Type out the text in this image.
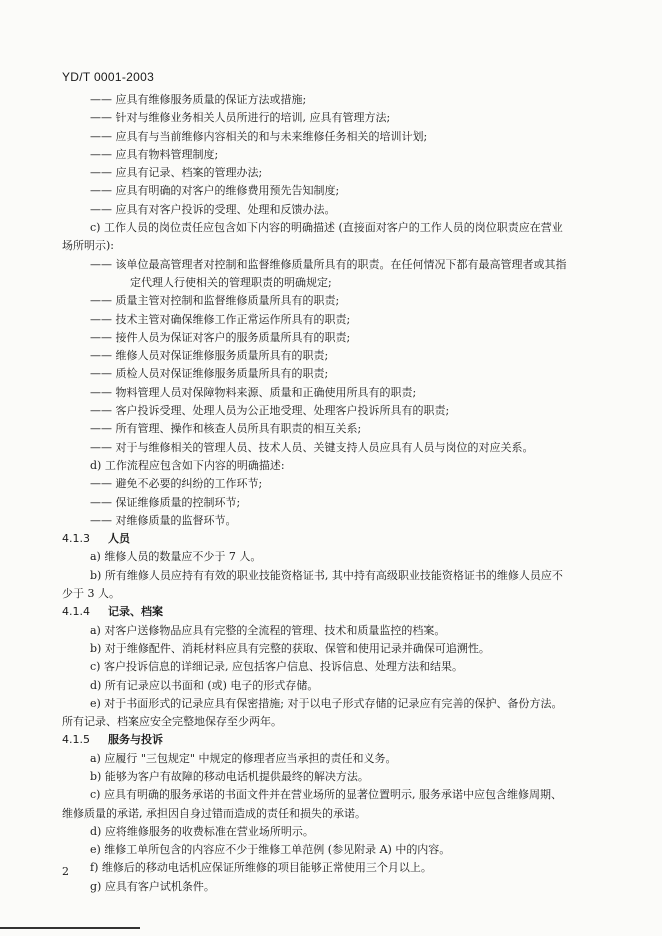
YD/T 0001-2003

—— 应具有维修服务质量的保证方法或措施;

—— 针对与维修业务相关人员所进行的培训, 应具有管理方法;

—— 应具有与当前维修内容相关的和与未来维修任务相关的培训计划;

—— 应具有物料管理制度;

—— 应具有记录、档案的管理办法;

—— 应具有明确的对客户的维修费用预先告知制度;

—— 应具有对客户投诉的受理、处理和反馈办法。

c) 工作人员的岗位责任应包含如下内容的明确描述 (直接面对客户的工作人员的岗位职责应在营业

场所明示):

—— 该单位最高管理者对控制和监督维修质量所具有的职责。在任何情况下都有最高管理者或其指

定代理人行使相关的管理职责的明确规定;

—— 质量主管对控制和监督维修质量所具有的职责;

—— 技术主管对确保维修工作正常运作所具有的职责;

—— 接件人员为保证对客户的服务质量所具有的职责;

—— 维修人员对保证维修服务质量所具有的职责;

—— 质检人员对保证维修服务质量所具有的职责;

—— 物料管理人员对保障物料来源、质量和正确使用所具有的职责;

—— 客户投诉受理、处理人员为公正地受理、处理客户投诉所具有的职责;

—— 所有管理、操作和核查人员所具有职责的相互关系;

—— 对于与维修相关的管理人员、技术人员、关键支持人员应具有人员与岗位的对应关系。

d) 工作流程应包含如下内容的明确描述:

—— 避免不必要的纠纷的工作环节;

—— 保证维修质量的控制环节;

—— 对维修质量的监督环节。

4.1.3 人员

a) 维修人员的数量应不少于 7 人。

b) 所有维修人员应持有有效的职业技能资格证书, 其中持有高级职业技能资格证书的维修人员应不

少于 3 人。

4.1.4 记录、档案

a) 对客户送修物品应具有完整的全流程的管理、技术和质量监控的档案。

b) 对于维修配件、消耗材料应具有完整的获取、保管和使用记录并确保可追溯性。

c) 客户投诉信息的详细记录, 应包括客户信息、投诉信息、处理方法和结果。

d) 所有记录应以书面和 (或) 电子的形式存储。

e) 对于书面形式的记录应具有保密措施; 对于以电子形式存储的记录应有完善的保护、备份方法。

所有记录、档案应安全完整地保存至少两年。

4.1.5 服务与投诉

a) 应履行 "三包规定" 中规定的修理者应当承担的责任和义务。

b) 能够为客户有故障的移动电话机提供最终的解决方法。

c) 应具有明确的服务承诺的书面文件并在营业场所的显著位置明示, 服务承诺中应包含维修周期、

维修质量的承诺, 承担因自身过错而造成的责任和损失的承诺。

d) 应将维修服务的收费标准在营业场所明示。

e) 维修工单所包含的内容应不少于维修工单范例 (参见附录 A) 中的内容。

f) 维修后的移动电话机应保证所维修的项目能够正常使用三个月以上。

g) 应具有客户试机条件。

2
